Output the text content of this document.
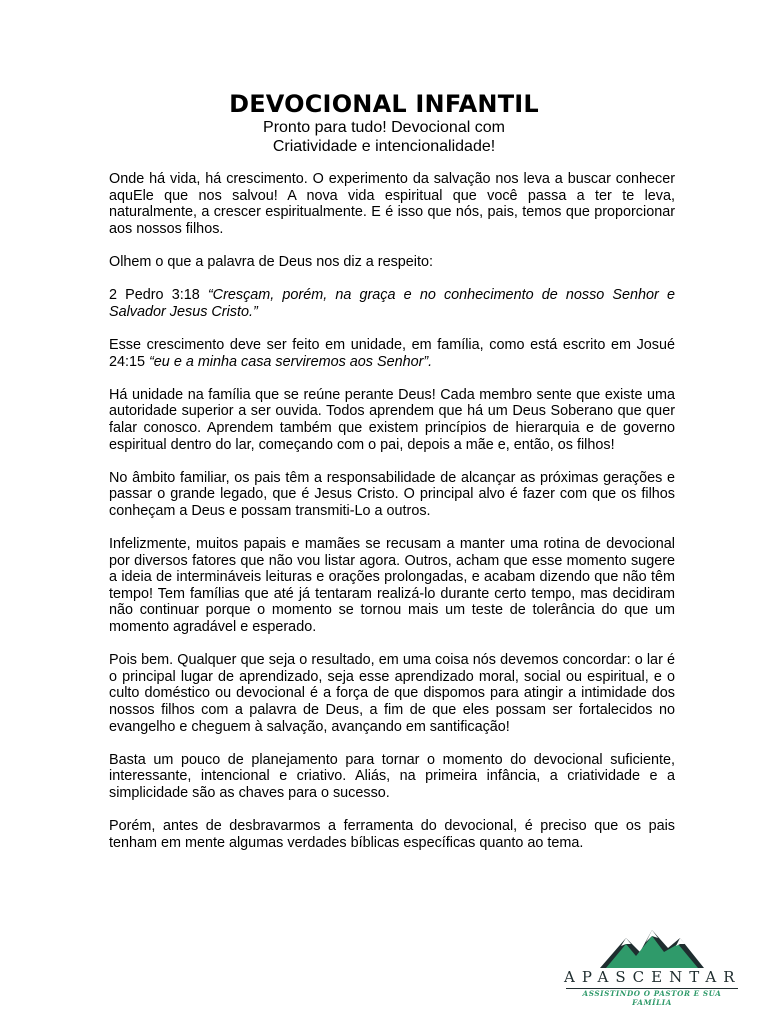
DEVOCIONAL INFANTIL
Pronto para tudo! Devocional com
Criatividade e intencionalidade!

Onde há vida, há crescimento. O experimento da salvação nos leva a buscar conhecer aquEle que nos salvou! A nova vida espiritual que você passa a ter te leva, naturalmente, a crescer espiritualmente. E é isso que nós, pais, temos que proporcionar aos nossos filhos.

Olhem o que a palavra de Deus nos diz a respeito:

2 Pedro 3:18 “Cresçam, porém, na graça e no conhecimento de nosso Senhor e Salvador Jesus Cristo.”

Esse crescimento deve ser feito em unidade, em família, como está escrito em Josué 24:15 “eu e a minha casa serviremos aos Senhor”.

Há unidade na família que se reúne perante Deus! Cada membro sente que existe uma autoridade superior a ser ouvida. Todos aprendem que há um Deus Soberano que quer falar conosco. Aprendem também que existem princípios de hierarquia e de governo espiritual dentro do lar, começando com o pai, depois a mãe e, então, os filhos!

No âmbito familiar, os pais têm a responsabilidade de alcançar as próximas gerações e passar o grande legado, que é Jesus Cristo. O principal alvo é fazer com que os filhos conheçam a Deus e possam transmiti-Lo a outros.

Infelizmente, muitos papais e mamães se recusam a manter uma rotina de devocional por diversos fatores que não vou listar agora. Outros, acham que esse momento sugere a ideia de intermináveis leituras e orações prolongadas, e acabam dizendo que não têm tempo! Tem famílias que até já tentaram realizá-lo durante certo tempo, mas decidiram não continuar porque o momento se tornou mais um teste de tolerância do que um momento agradável e esperado.

Pois bem. Qualquer que seja o resultado, em uma coisa nós devemos concordar: o lar é o principal lugar de aprendizado, seja esse aprendizado moral, social ou espiritual, e o culto doméstico ou devocional é a força de que dispomos para atingir a intimidade dos nossos filhos com a palavra de Deus, a fim de que eles possam ser fortalecidos no evangelho e cheguem à salvação, avançando em santificação!

Basta um pouco de planejamento para tornar o momento do devocional suficiente, interessante, intencional e criativo. Aliás, na primeira infância, a criatividade e a simplicidade são as chaves para o sucesso.

Porém, antes de desbravarmos a ferramenta do devocional, é preciso que os pais tenham em mente algumas verdades bíblicas específicas quanto ao tema.

APASCENTAR
ASSISTINDO O PASTOR E SUA FAMÍLIA
